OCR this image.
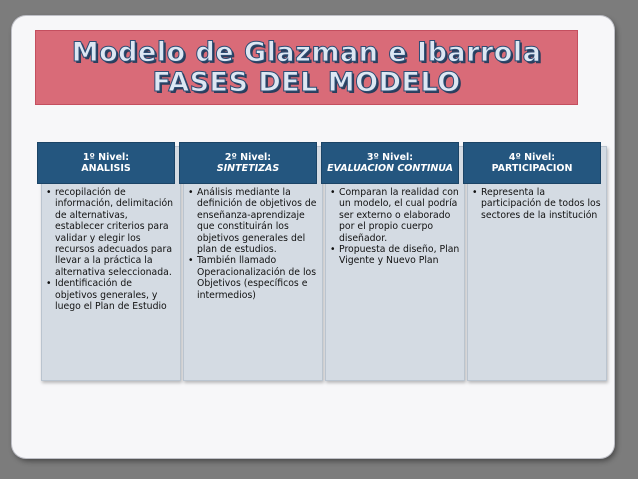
Modelo de Glazman e Ibarrola
FASES DEL MODELO
1º Nivel:
ANALISIS
• recopilación de información, delimitación de alternativas, establecer criterios para validar y elegir los recursos adecuados para llevar a la práctica la alternativa seleccionada.
• Identificación de objetivos generales, y luego el Plan de Estudio
2º Nivel:
SINTETIZAS
• Análisis mediante la definición de objetivos de enseñanza-aprendizaje que constituirán los objetivos generales del plan de estudios.
• También llamado Operacionalización de los Objetivos (específicos e intermedios)
3º Nivel:
EVALUACION CONTINUA
• Comparan la realidad con un modelo, el cual podría ser externo o elaborado por el propio cuerpo diseñador.
• Propuesta de diseño, Plan Vigente y Nuevo Plan
4º Nivel:
PARTICIPACION
• Representa la participación de todos los sectores de la institución
